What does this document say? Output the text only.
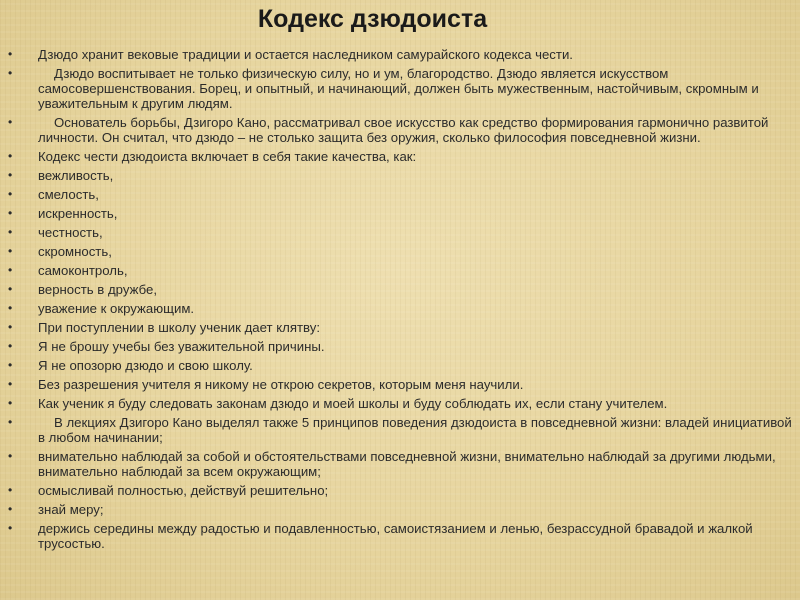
Кодекс дзюдоиста
• Дзюдо хранит вековые традиции и остается наследником самурайского кодекса чести.
• Дзюдо воспитывает не только физическую силу, но и ум, благородство. Дзюдо является искусством самосовершенствования. Борец, и опытный, и начинающий, должен быть мужественным, настойчивым, скромным и уважительным к другим людям.
• Основатель борьбы, Дзигоро Кано, рассматривал свое искусство как средство формирования гармонично развитой личности. Он считал, что дзюдо – не столько защита без оружия, сколько философия повседневной жизни.
• Кодекс чести дзюдоиста включает в себя такие качества, как:
• вежливость,
• смелость,
• искренность,
• честность,
• скромность,
• самоконтроль,
• верность в дружбе,
• уважение к окружающим.
• При поступлении в школу ученик дает клятву:
• Я не брошу учебы без уважительной причины.
• Я не опозорю дзюдо и свою школу.
• Без разрешения учителя я никому не открою секретов, которым меня научили.
• Как ученик я буду следовать законам дзюдо и моей школы и буду соблюдать их, если стану учителем.
• В лекциях Дзигоро Кано выделял также 5 принципов поведения дзюдоиста в повседневной жизни: владей инициативой в любом начинании;
• внимательно наблюдай за собой и обстоятельствами повседневной жизни, внимательно наблюдай за другими людьми, внимательно наблюдай за всем окружающим;
• осмысливай полностью, действуй решительно;
• знай меру;
• держись середины между радостью и подавленностью, самоистязанием и ленью, безрассудной бравадой и жалкой трусостью.
